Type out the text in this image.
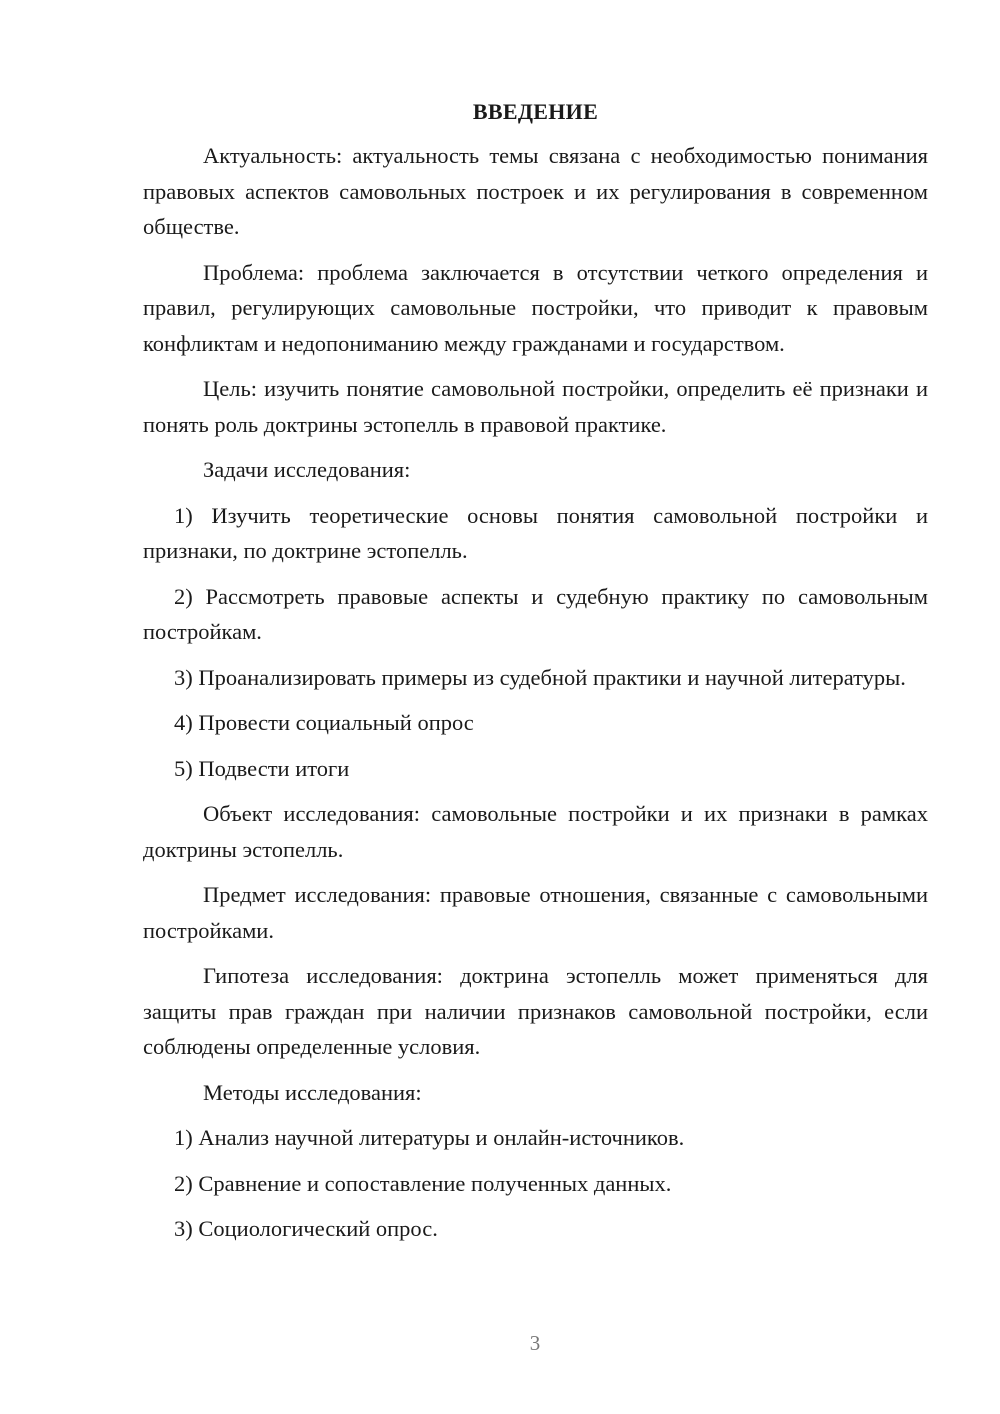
ВВЕДЕНИЕ

Актуальность: актуальность темы связана с необходимостью понимания правовых аспектов самовольных построек и их регулирования в современном обществе.

Проблема: проблема заключается в отсутствии четкого определения и правил, регулирующих самовольные постройки, что приводит к правовым конфликтам и недопониманию между гражданами и государством.

Цель: изучить понятие самовольной постройки, определить её признаки и понять роль доктрины эстопелль в правовой практике.

Задачи исследования:

1) Изучить теоретические основы понятия самовольной постройки и признаки, по доктрине эстопелль.

2) Рассмотреть правовые аспекты и судебную практику по самовольным постройкам.

3) Проанализировать примеры из судебной практики и научной литературы.

4) Провести социальный опрос

5) Подвести итоги

Объект исследования: самовольные постройки и их признаки в рамках доктрины эстопелль.

Предмет исследования: правовые отношения, связанные с самовольными постройками.

Гипотеза исследования: доктрина эстопелль может применяться для защиты прав граждан при наличии признаков самовольной постройки, если соблюдены определенные условия.

Методы исследования:

1) Анализ научной литературы и онлайн-источников.

2) Сравнение и сопоставление полученных данных.

3) Социологический опрос.

3
